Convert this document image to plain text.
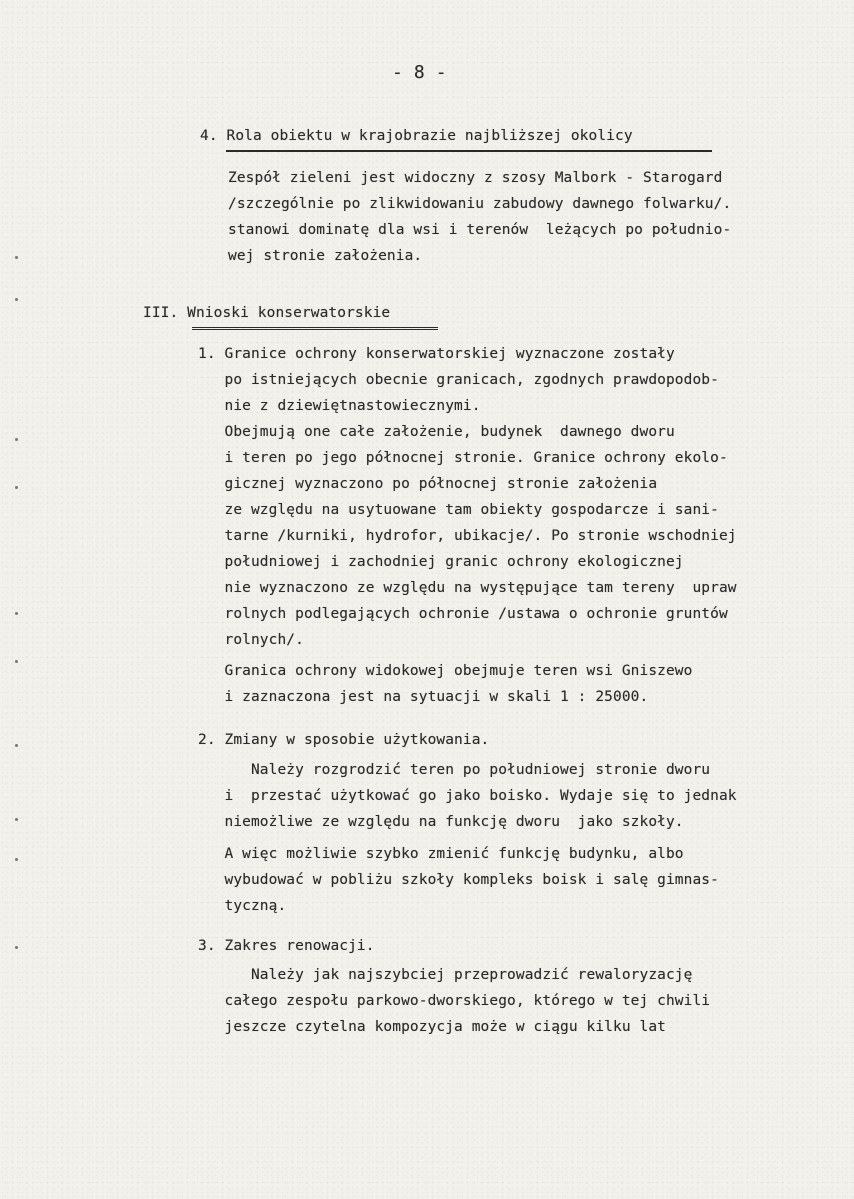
- 8 -
4. Rola obiektu w krajobrazie najbliższej okolicy
Zespół zieleni jest widoczny z szosy Malbork - Starogard
/szczególnie po zlikwidowaniu zabudowy dawnego folwarku/.
stanowi dominatę dla wsi i terenów  leżących po południo-
wej stronie założenia.
III. Wnioski konserwatorskie
1. Granice ochrony konserwatorskiej wyznaczone zostały
po istniejących obecnie granicach, zgodnych prawdopodob-
nie z dziewiętnastowiecznymi.
Obejmują one całe założenie, budynek  dawnego dworu
i teren po jego północnej stronie. Granice ochrony ekolo-
gicznej wyznaczono po północnej stronie założenia
ze względu na usytuowane tam obiekty gospodarcze i sani-
tarne /kurniki, hydrofor, ubikacje/. Po stronie wschodniej
południowej i zachodniej granic ochrony ekologicznej
nie wyznaczono ze względu na występujące tam tereny  upraw
rolnych podlegających ochronie /ustawa o ochronie gruntów
rolnych/.
Granica ochrony widokowej obejmuje teren wsi Gniszewo
i zaznaczona jest na sytuacji w skali 1 : 25000.
2. Zmiany w sposobie użytkowania.
Należy rozgrodzić teren po południowej stronie dworu
i  przestać użytkować go jako boisko. Wydaje się to jednak
niemożliwe ze względu na funkcję dworu  jako szkoły.
A więc możliwie szybko zmienić funkcję budynku, albo
wybudować w pobliżu szkoły kompleks boisk i salę gimnas-
tyczną.
3. Zakres renowacji.
Należy jak najszybciej przeprowadzić rewaloryzację
całego zespołu parkowo-dworskiego, którego w tej chwili
jeszcze czytelna kompozycja może w ciągu kilku lat
